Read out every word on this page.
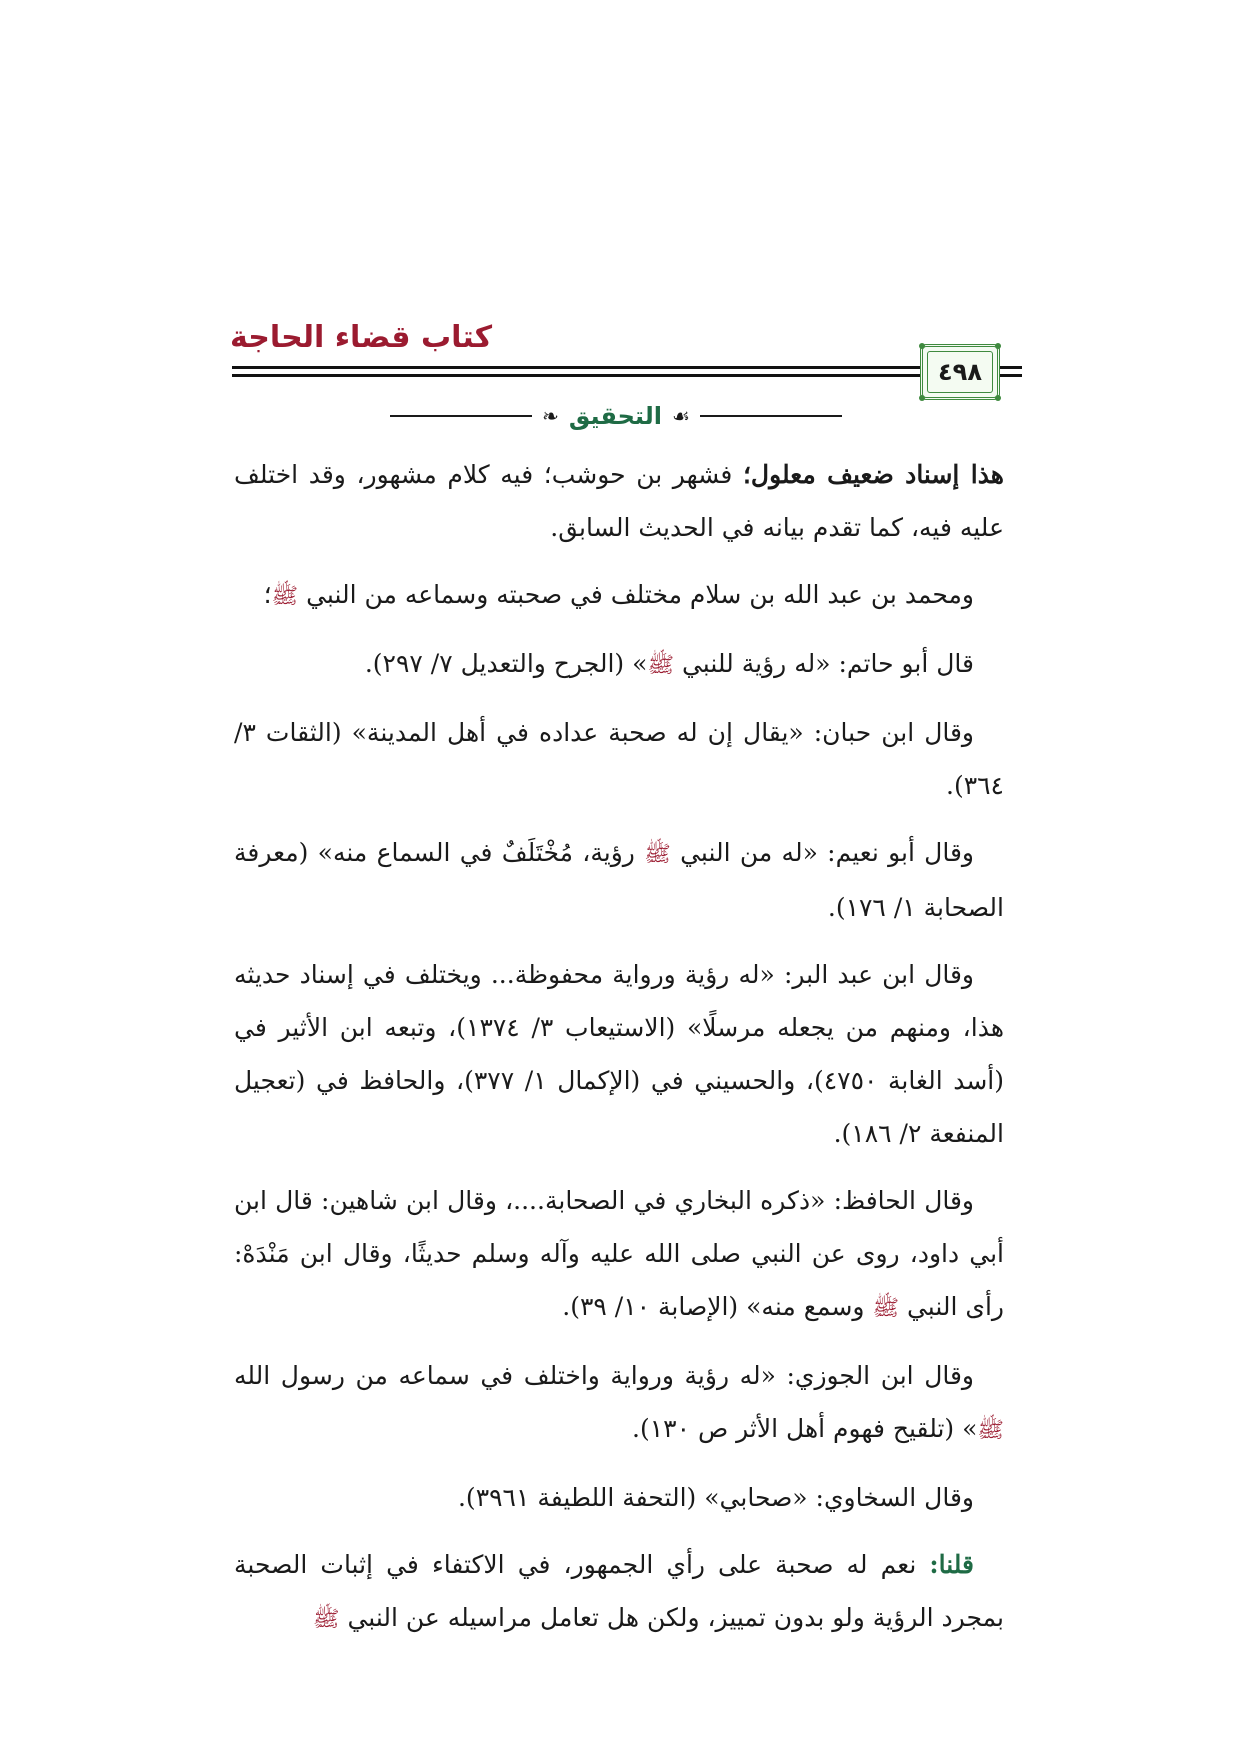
كتاب قضاء الحاجة
٤٩٨
☙
التحقيق
❧

هذا إسناد ضعيف معلول؛ فشهر بن حوشب؛ فيه كلام مشهور، وقد اختلف عليه فيه، كما تقدم بيانه في الحديث السابق.

ومحمد بن عبد الله بن سلام مختلف في صحبته وسماعه من النبي ﷺ؛

قال أبو حاتم: «له رؤية للنبي ﷺ» (الجرح والتعديل ٧/ ٢٩٧).

وقال ابن حبان: «يقال إن له صحبة عداده في أهل المدينة» (الثقات ٣/ ٣٦٤).

وقال أبو نعيم: «له من النبي ﷺ رؤية، مُخْتَلَفٌ في السماع منه» (معرفة الصحابة ١/ ١٧٦).

وقال ابن عبد البر: «له رؤية ورواية محفوظة... ويختلف في إسناد حديثه هذا، ومنهم من يجعله مرسلًا» (الاستيعاب ٣/ ١٣٧٤)، وتبعه ابن الأثير في (أسد الغابة ٤٧٥٠)، والحسيني في (الإكمال ١/ ٣٧٧)، والحافظ في (تعجيل المنفعة ٢/ ١٨٦).

وقال الحافظ: «ذكره البخاري في الصحابة....، وقال ابن شاهين: قال ابن أبي داود، روى عن النبي صلى الله عليه وآله وسلم حديثًا، وقال ابن مَنْدَهْ: رأى النبي ﷺ وسمع منه» (الإصابة ١٠/ ٣٩).

وقال ابن الجوزي: «له رؤية ورواية واختلف في سماعه من رسول الله ﷺ» (تلقيح فهوم أهل الأثر ص ١٣٠).

وقال السخاوي: «صحابي» (التحفة اللطيفة ٣٩٦١).

قلنا: نعم له صحبة على رأي الجمهور، في الاكتفاء في إثبات الصحبة بمجرد الرؤية ولو بدون تمييز، ولكن هل تعامل مراسيله عن النبي ﷺ
